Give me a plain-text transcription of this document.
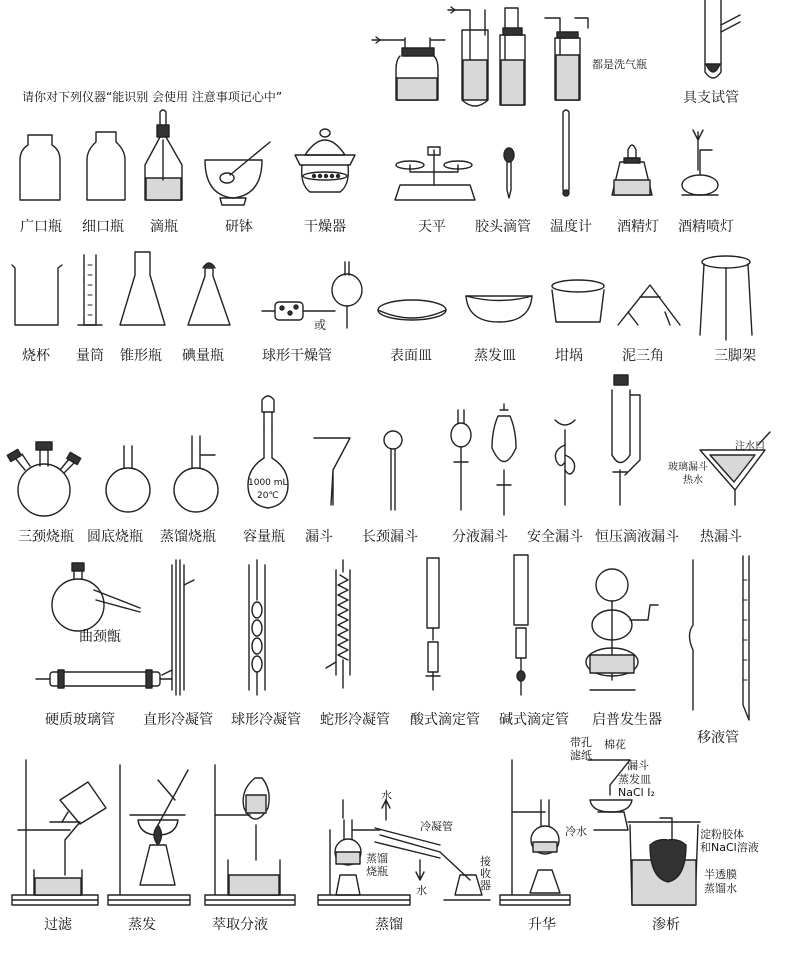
请你对下列仪器“能识别 会使用 注意事项记心中”
都是洗气瓶
具支试管
广口瓶 细口瓶 滴瓶	研钵	干燥器	天平 胶头滴管 温度计 酒精灯 酒精喷灯
烧杯 量筒 锥形瓶 碘量瓶	球形干燥管
或
表面皿	蒸发皿	坩埚	泥三角	三脚架
三颈烧瓶 圆底烧瓶 蒸馏烧瓶
1000 mL
20℃
容量瓶 漏斗 长颈漏斗 分液漏斗 安全漏斗 恒压滴液漏斗 热漏斗
玻璃漏斗
热水
注水口
曲颈甑
硬质玻璃管 直形冷凝管 球形冷凝管 蛇形冷凝管 酸式滴定管 碱式滴定管 启普发生器
移液管
过滤	蒸发	萃取分液	蒸馏
水
冷凝管
蒸馏
烧瓶
水
接
收
器
升华
棉花
带孔
滤纸
漏斗
蒸发皿
NaCl I₂
冷水
渗析
淀粉胶体
和NaCl溶液
半透膜
蒸馏水
